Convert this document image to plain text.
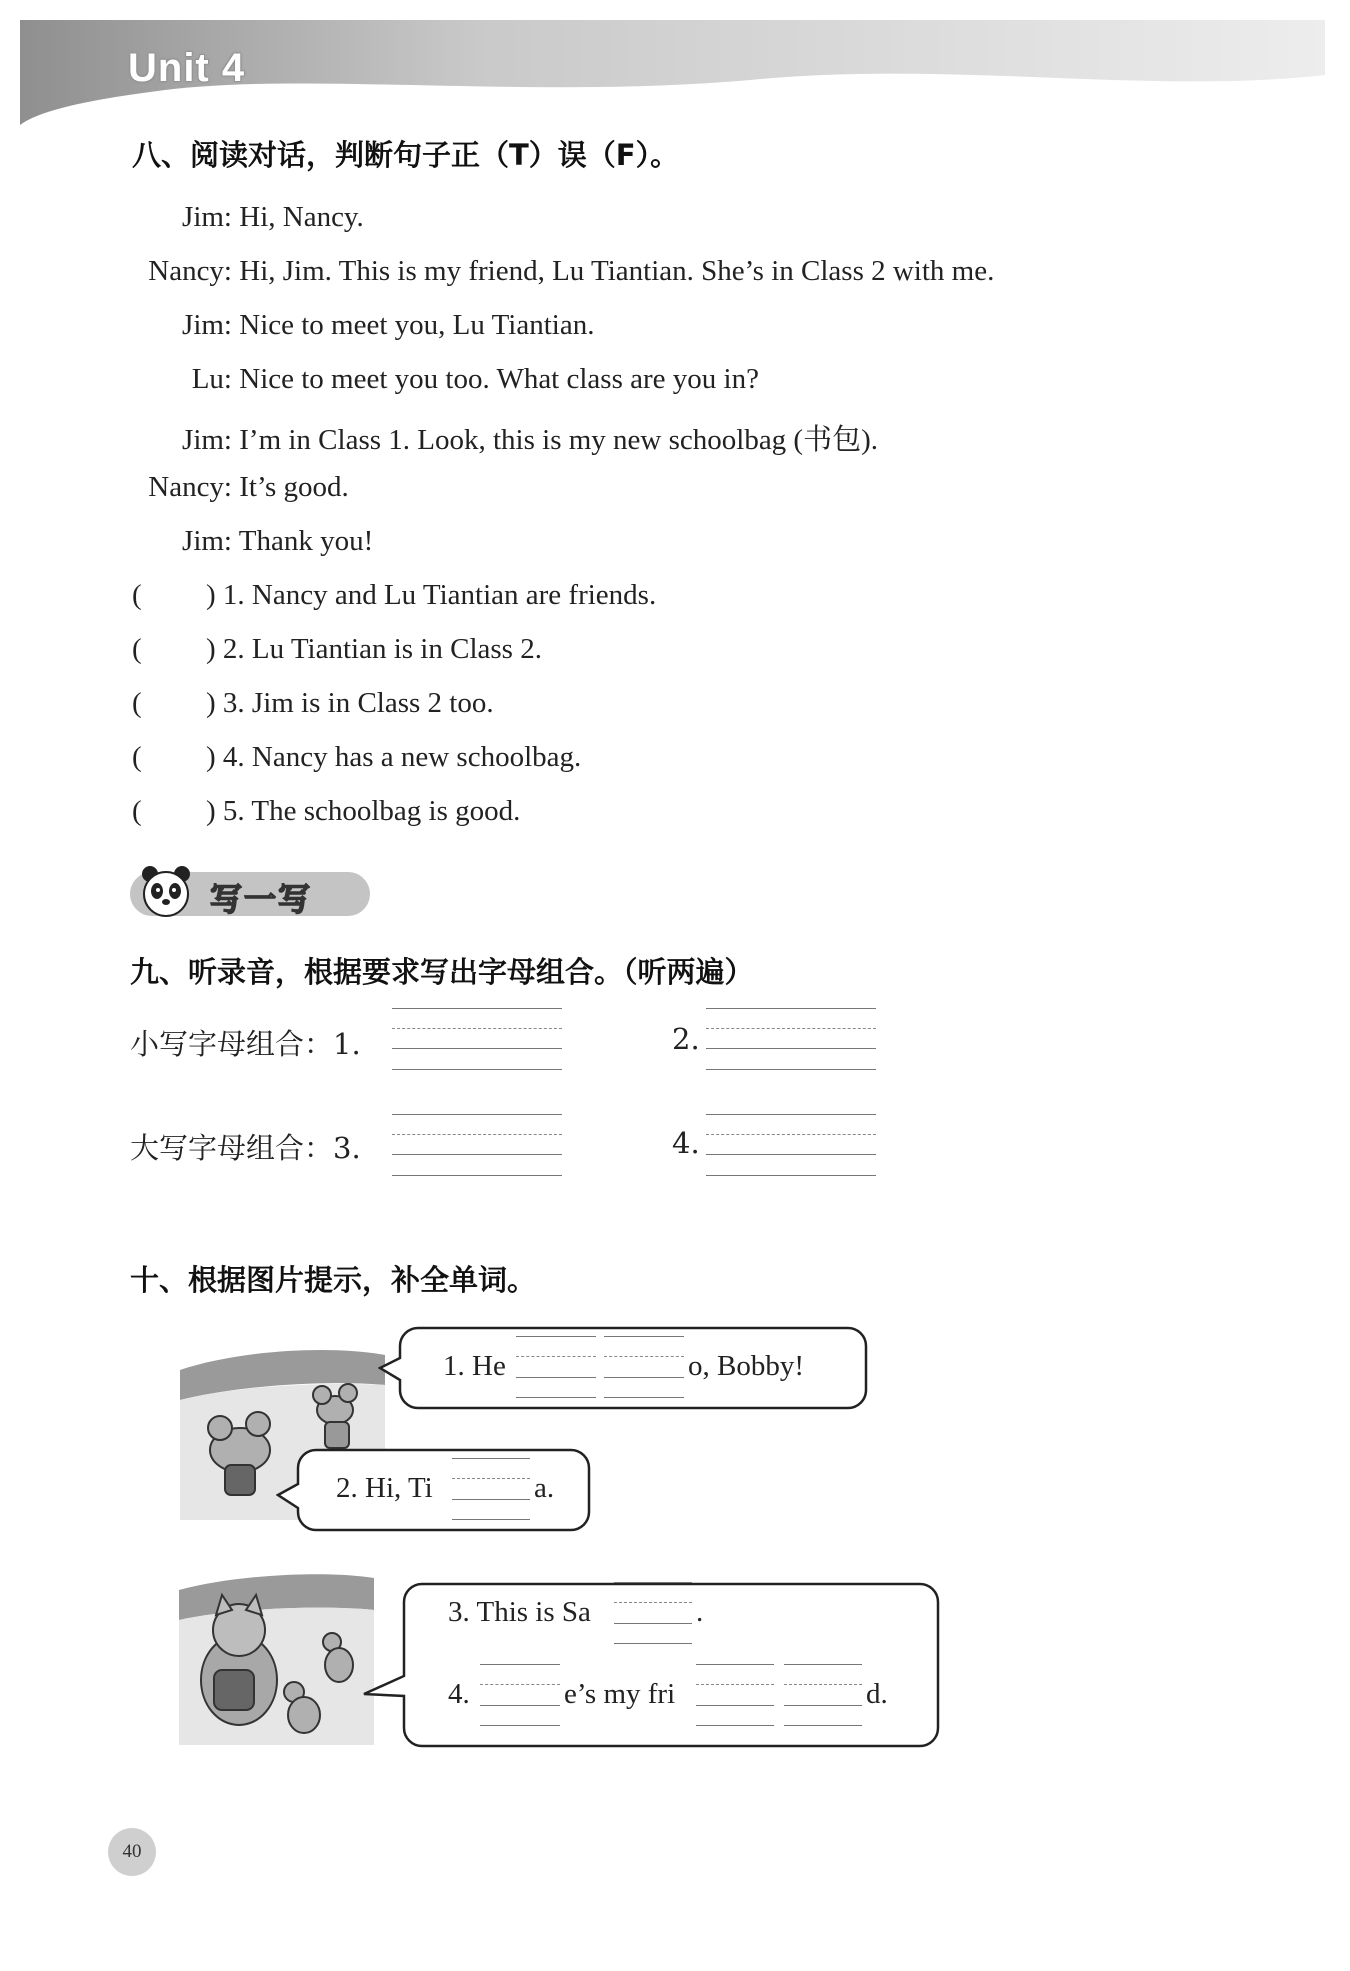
Unit 4
八、阅读对话，判断句子正（T）误（F）。
Jim: Hi, Nancy.
Nancy: Hi, Jim. This is my friend, Lu Tiantian. She’s in Class 2 with me.
Jim: Nice to meet you, Lu Tiantian.
Lu: Nice to meet you too. What class are you in?
Jim: I’m in Class 1. Look, this is my new schoolbag (书包).
Nancy: It’s good.
Jim: Thank you!
( ) 1. Nancy and Lu Tiantian are friends.
( ) 2. Lu Tiantian is in Class 2.
( ) 3. Jim is in Class 2 too.
( ) 4. Nancy has a new schoolbag.
( ) 5. The schoolbag is good.
写一写
九、听录音，根据要求写出字母组合。（听两遍）
小写字母组合：1.	2.
大写字母组合：3.	4.
十、根据图片提示，补全单词。
1. He	o, Bobby!
2. Hi, Ti	a.
3. This is Sa	.
4.	e’s my fri	d.
40
